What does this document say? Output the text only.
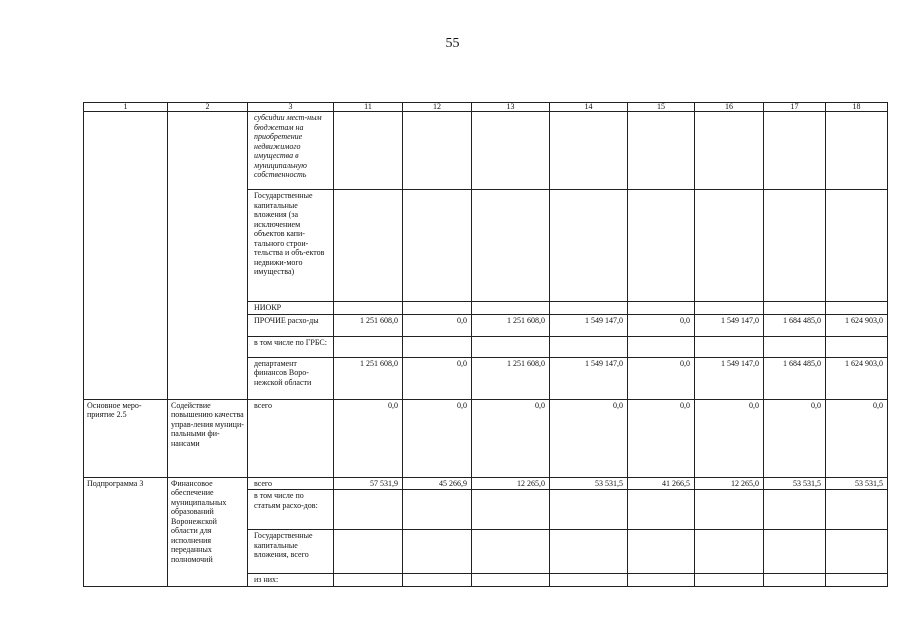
55
1	2	3	11	12	13	14	15	16	17	18
		субсидии мест-ным бюджетам на приобретение недвижимого имущества в муниципальную собственность								
		Государственные капитальные вложения (за исключением объектов капи-тального строи-тельства и объ-ектов недвижи-мого имущества)								
		НИОКР								
		ПРОЧИЕ расхо-ды	1 251 608,0	0,0	1 251 608,0	1 549 147,0	0,0	1 549 147,0	1 684 485,0	1 624 903,0
		в том числе по ГРБС:								
		департамент финансов Воро-нежской области	1 251 608,0	0,0	1 251 608,0	1 549 147,0	0,0	1 549 147,0	1 684 485,0	1 624 903,0
Основное меро-приятие 2.5	Содействие повышению качества управ-ления муници-пальными фи-нансами	всего	0,0	0,0	0,0	0,0	0,0	0,0	0,0	0,0
Подпрограмма 3	Финансовое обеспечение муниципальных образований Воронежской области для исполнения переданных полномочий	всего	57 531,9	45 266,9	12 265,0	53 531,5	41 266,5	12 265,0	53 531,5	53 531,5
		в том числе по статьям расхо-дов:								
		Государственные капитальные вложения, всего								
		из них:								
